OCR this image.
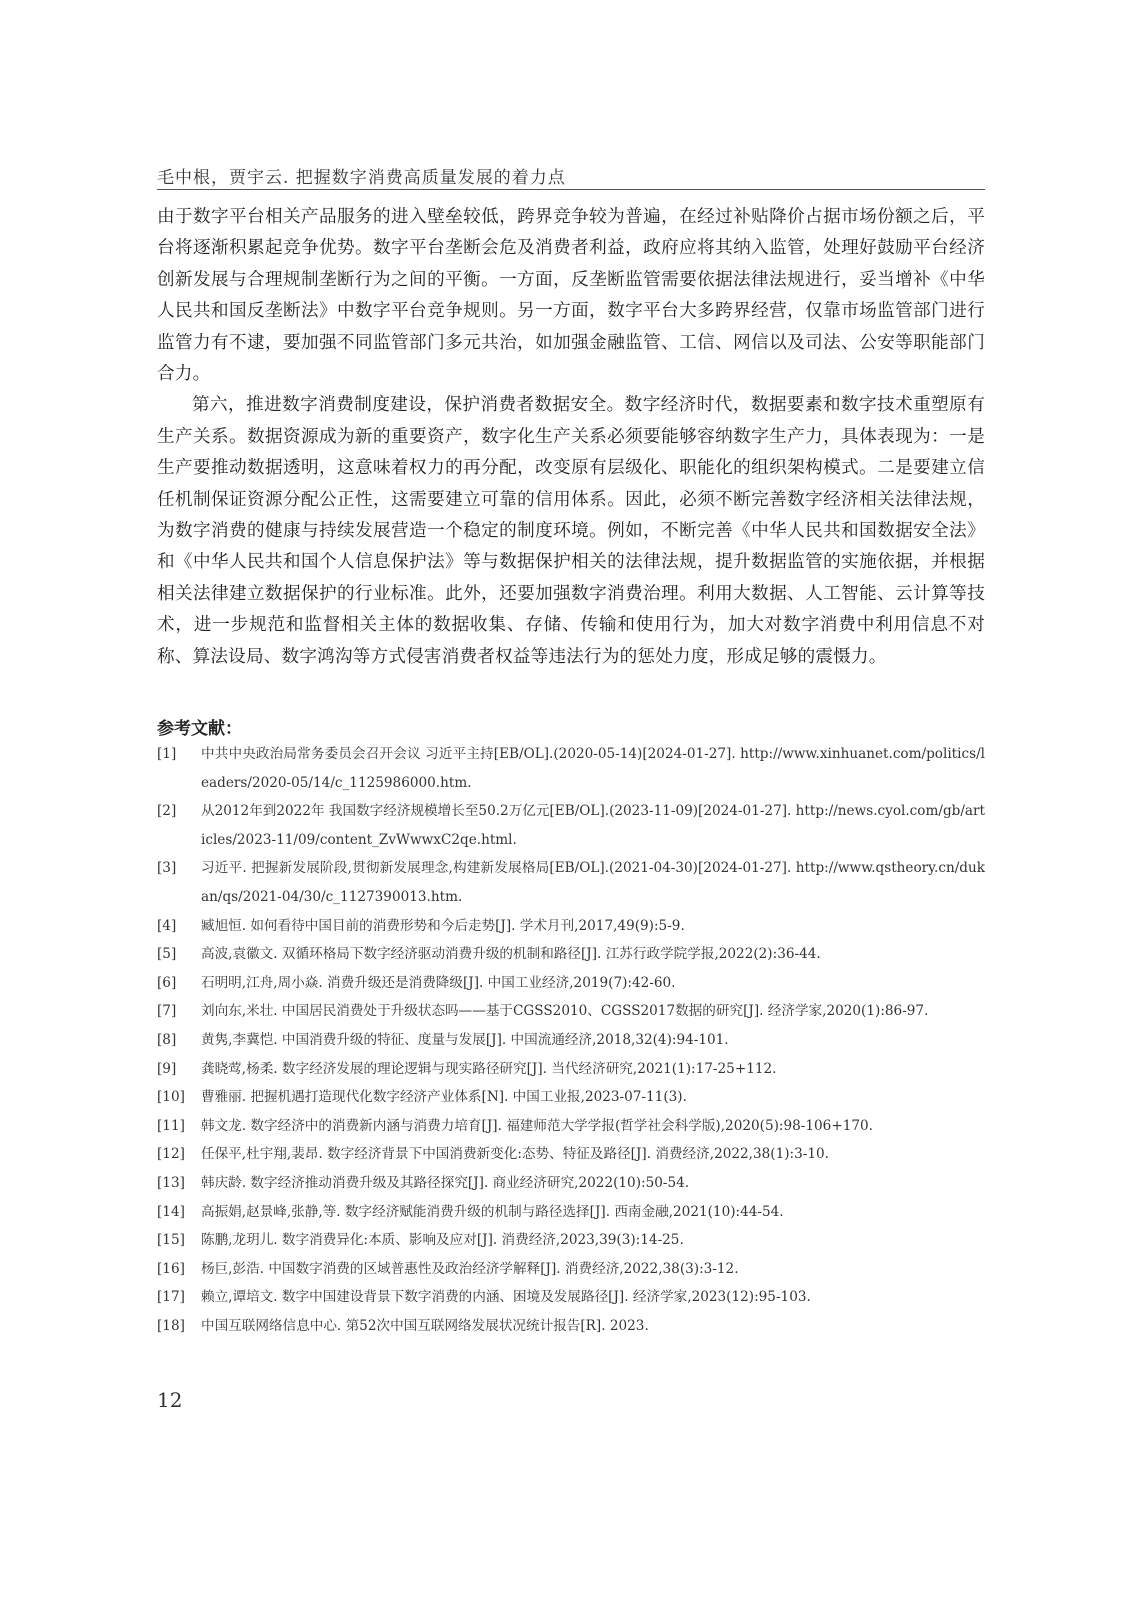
毛中根，贾宇云. 把握数字消费高质量发展的着力点

由于数字平台相关产品服务的进入壁垒较低，跨界竞争较为普遍，在经过补贴降价占据市场份额之后，平台将逐渐积累起竞争优势。数字平台垄断会危及消费者利益，政府应将其纳入监管，处理好鼓励平台经济创新发展与合理规制垄断行为之间的平衡。一方面，反垄断监管需要依据法律法规进行，妥当增补《中华人民共和国反垄断法》中数字平台竞争规则。另一方面，数字平台大多跨界经营，仅靠市场监管部门进行监管力有不逮，要加强不同监管部门多元共治，如加强金融监管、工信、网信以及司法、公安等职能部门合力。

第六，推进数字消费制度建设，保护消费者数据安全。数字经济时代，数据要素和数字技术重塑原有生产关系。数据资源成为新的重要资产，数字化生产关系必须要能够容纳数字生产力，具体表现为：一是生产要推动数据透明，这意味着权力的再分配，改变原有层级化、职能化的组织架构模式。二是要建立信任机制保证资源分配公正性，这需要建立可靠的信用体系。因此，必须不断完善数字经济相关法律法规，为数字消费的健康与持续发展营造一个稳定的制度环境。例如，不断完善《中华人民共和国数据安全法》和《中华人民共和国个人信息保护法》等与数据保护相关的法律法规，提升数据监管的实施依据，并根据相关法律建立数据保护的行业标准。此外，还要加强数字消费治理。利用大数据、人工智能、云计算等技术，进一步规范和监督相关主体的数据收集、存储、传输和使用行为，加大对数字消费中利用信息不对称、算法设局、数字鸿沟等方式侵害消费者权益等违法行为的惩处力度，形成足够的震慑力。

参考文献：
[1]	中共中央政治局常务委员会召开会议 习近平主持[EB/OL].(2020-05-14)[2024-01-27]. http://www.xinhuanet.com/politics/leaders/2020-05/14/c_1125986000.htm.
[2]	从2012年到2022年 我国数字经济规模增长至50.2万亿元[EB/OL].(2023-11-09)[2024-01-27]. http://news.cyol.com/gb/articles/2023-11/09/content_ZvWwwxC2qe.html.
[3]	习近平. 把握新发展阶段,贯彻新发展理念,构建新发展格局[EB/OL].(2021-04-30)[2024-01-27]. http://www.qstheory.cn/dukan/qs/2021-04/30/c_1127390013.htm.
[4]	臧旭恒. 如何看待中国目前的消费形势和今后走势[J]. 学术月刊,2017,49(9):5-9.
[5]	高波,袁徽文. 双循环格局下数字经济驱动消费升级的机制和路径[J]. 江苏行政学院学报,2022(2):36-44.
[6]	石明明,江舟,周小焱. 消费升级还是消费降级[J]. 中国工业经济,2019(7):42-60.
[7]	刘向东,米壮. 中国居民消费处于升级状态吗——基于CGSS2010、CGSS2017数据的研究[J]. 经济学家,2020(1):86-97.
[8]	黄隽,李冀恺. 中国消费升级的特征、度量与发展[J]. 中国流通经济,2018,32(4):94-101.
[9]	龚晓莺,杨柔. 数字经济发展的理论逻辑与现实路径研究[J]. 当代经济研究,2021(1):17-25+112.
[10]	曹雅丽. 把握机遇打造现代化数字经济产业体系[N]. 中国工业报,2023-07-11(3).
[11]	韩文龙. 数字经济中的消费新内涵与消费力培育[J]. 福建师范大学学报(哲学社会科学版),2020(5):98-106+170.
[12]	任保平,杜宇翔,裴昂. 数字经济背景下中国消费新变化:态势、特征及路径[J]. 消费经济,2022,38(1):3-10.
[13]	韩庆龄. 数字经济推动消费升级及其路径探究[J]. 商业经济研究,2022(10):50-54.
[14]	高振娟,赵景峰,张静,等. 数字经济赋能消费升级的机制与路径选择[J]. 西南金融,2021(10):44-54.
[15]	陈鹏,龙玥儿. 数字消费异化:本质、影响及应对[J]. 消费经济,2023,39(3):14-25.
[16]	杨巨,彭浩. 中国数字消费的区域普惠性及政治经济学解释[J]. 消费经济,2022,38(3):3-12.
[17]	赖立,谭培文. 数字中国建设背景下数字消费的内涵、困境及发展路径[J]. 经济学家,2023(12):95-103.
[18]	中国互联网络信息中心. 第52次中国互联网络发展状况统计报告[R]. 2023.
12
